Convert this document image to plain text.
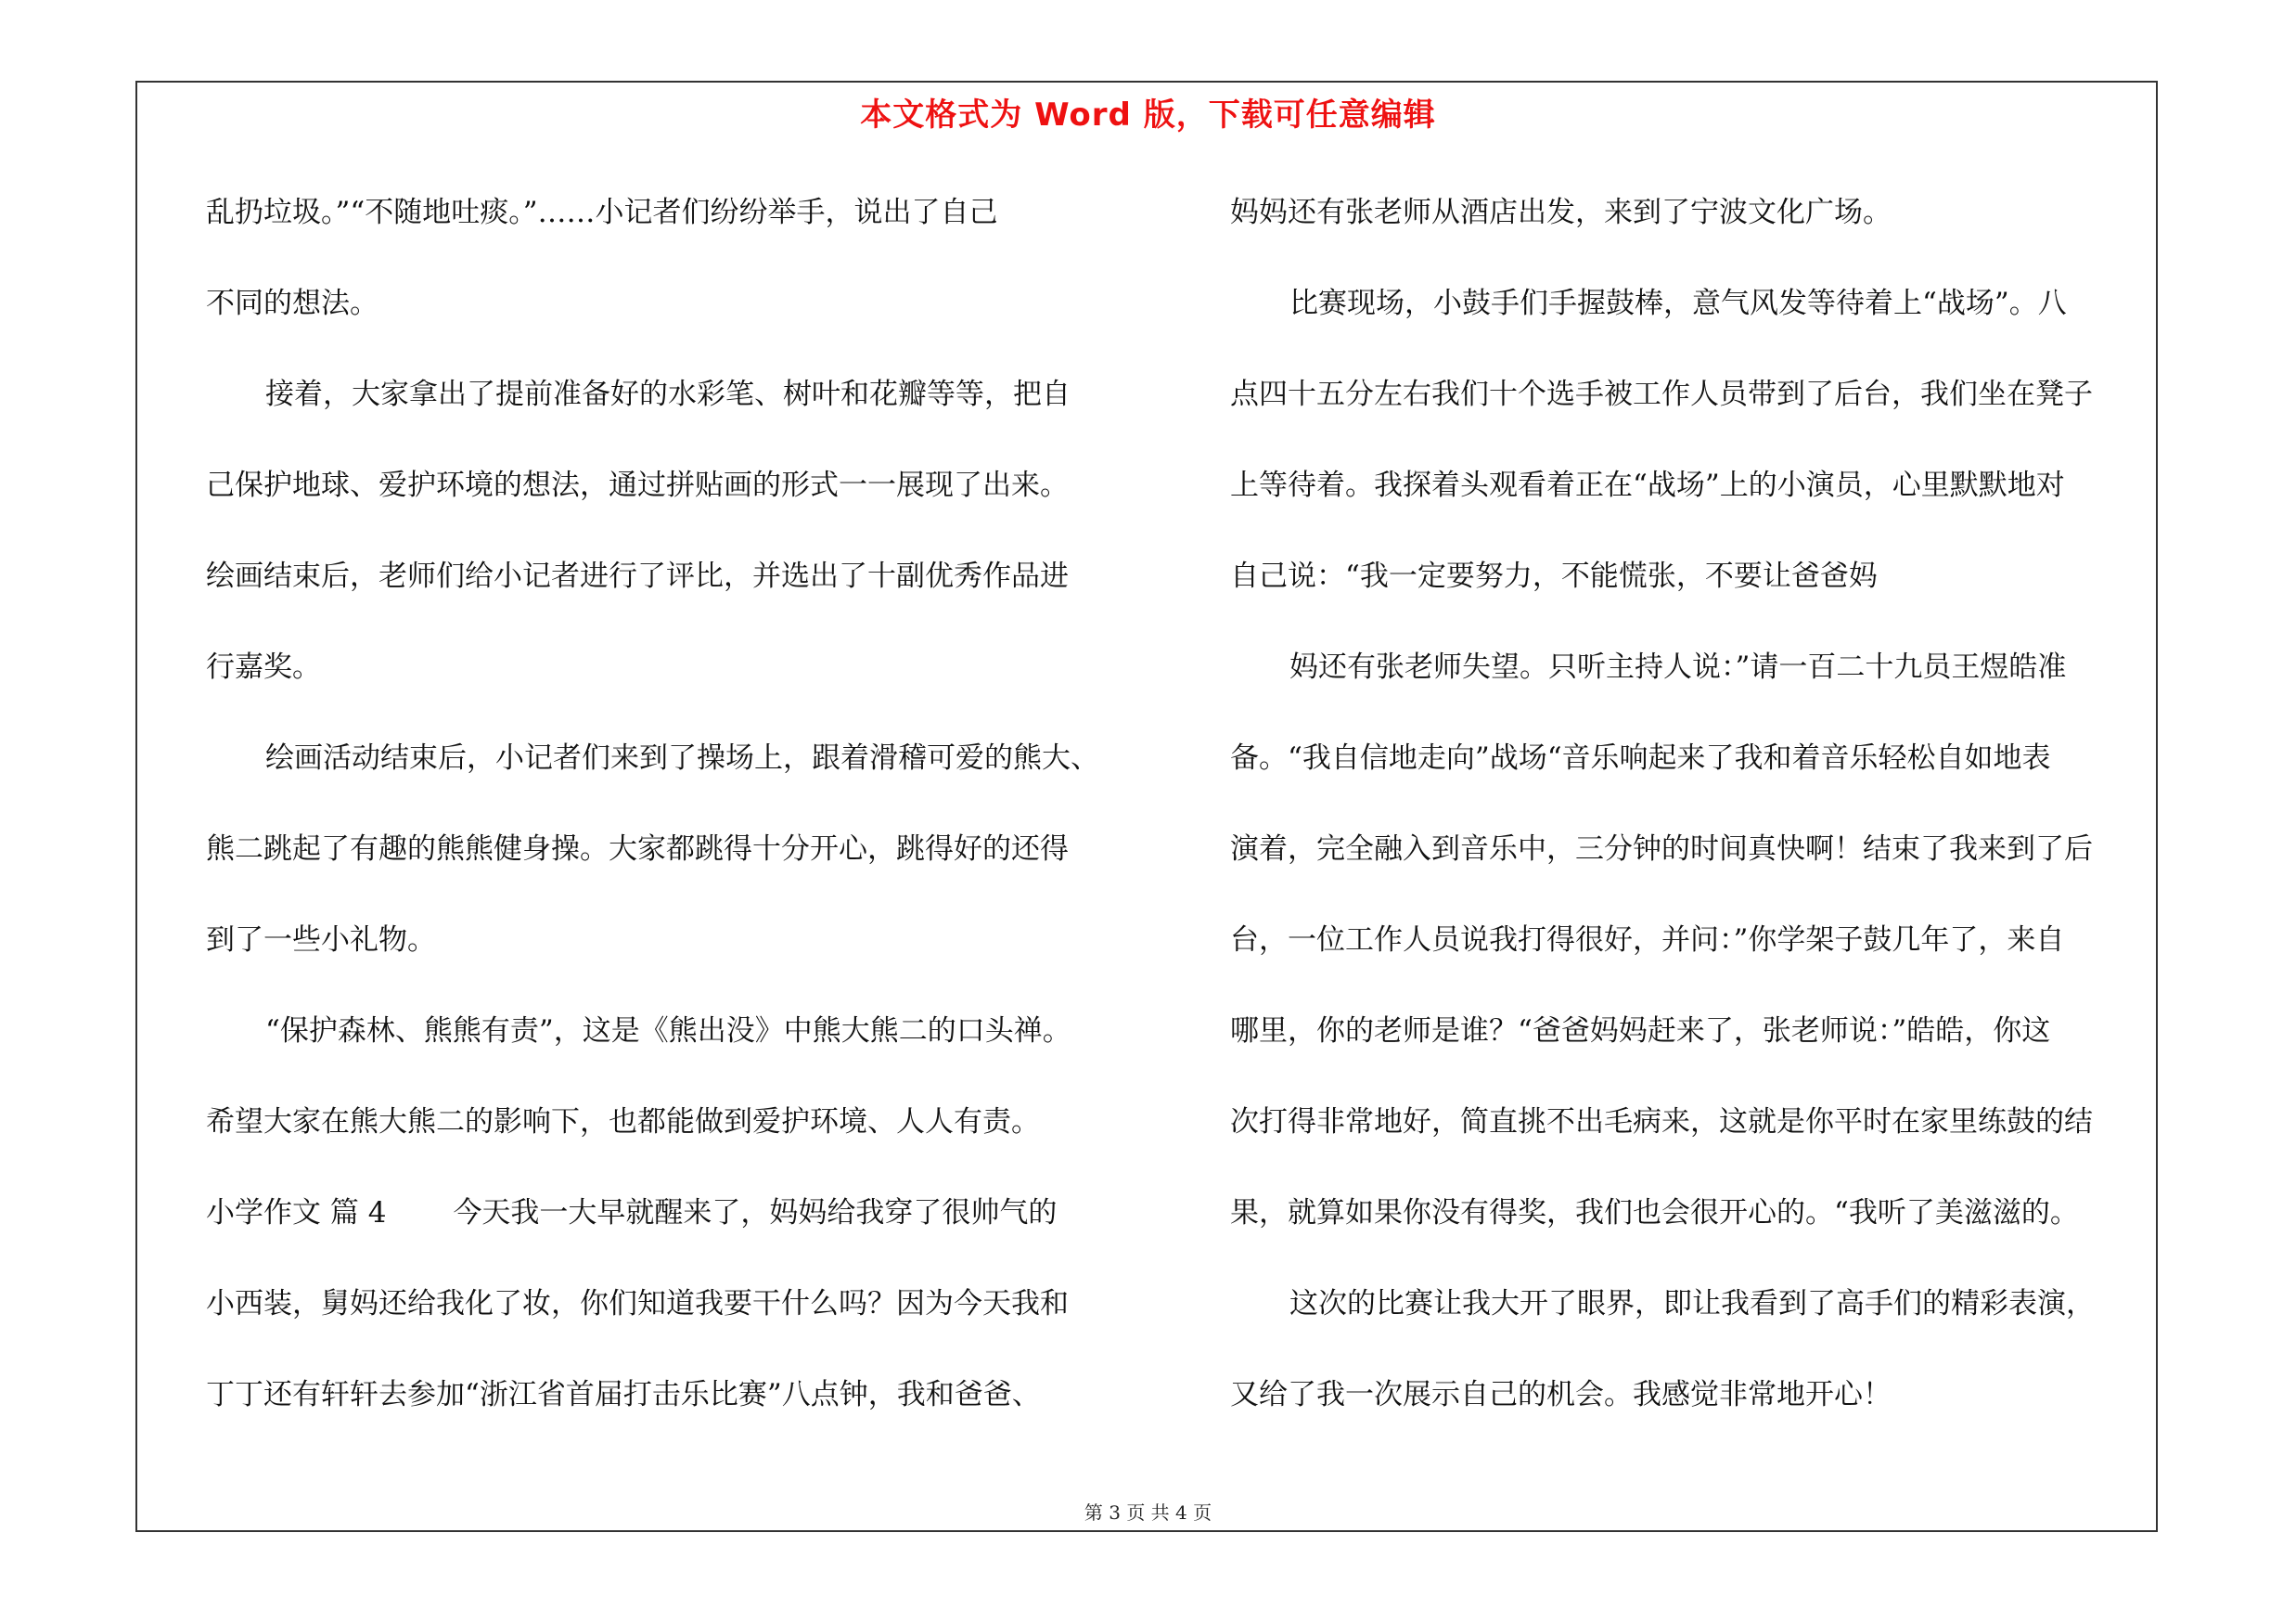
本文格式为 Word 版，下载可任意编辑
乱扔垃圾。”“不随地吐痰。”……小记者们纷纷举手，说出了自己
不同的想法。
接着，大家拿出了提前准备好的水彩笔、树叶和花瓣等等，把自
己保护地球、爱护环境的想法，通过拼贴画的形式一一展现了出来。
绘画结束后，老师们给小记者进行了评比，并选出了十副优秀作品进
行嘉奖。
绘画活动结束后，小记者们来到了操场上，跟着滑稽可爱的熊大、
熊二跳起了有趣的熊熊健身操。大家都跳得十分开心，跳得好的还得
到了一些小礼物。
“保护森林、熊熊有责”，这是《熊出没》中熊大熊二的口头禅。
希望大家在熊大熊二的影响下，也都能做到爱护环境、人人有责。
小学作文 篇 4 今天我一大早就醒来了，妈妈给我穿了很帅气的
小西装，舅妈还给我化了妆，你们知道我要干什么吗？因为今天我和
丁丁还有轩轩去参加“浙江省首届打击乐比赛”八点钟，我和爸爸、
妈妈还有张老师从酒店出发，来到了宁波文化广场。
比赛现场，小鼓手们手握鼓棒，意气风发等待着上“战场”。八
点四十五分左右我们十个选手被工作人员带到了后台，我们坐在凳子
上等待着。我探着头观看着正在“战场”上的小演员，心里默默地对
自己说：“我一定要努力，不能慌张，不要让爸爸妈
妈还有张老师失望。只听主持人说：”请一百二十九员王煜皓准
备。“我自信地走向”战场“音乐响起来了我和着音乐轻松自如地表
演着，完全融入到音乐中，三分钟的时间真快啊！结束了我来到了后
台，一位工作人员说我打得很好，并问：”你学架子鼓几年了，来自
哪里，你的老师是谁？“爸爸妈妈赶来了，张老师说：”皓皓，你这
次打得非常地好，简直挑不出毛病来，这就是你平时在家里练鼓的结
果，就算如果你没有得奖，我们也会很开心的。“我听了美滋滋的。
这次的比赛让我大开了眼界，即让我看到了高手们的精彩表演，
又给了我一次展示自己的机会。我感觉非常地开心！
第 3 页 共 4 页
